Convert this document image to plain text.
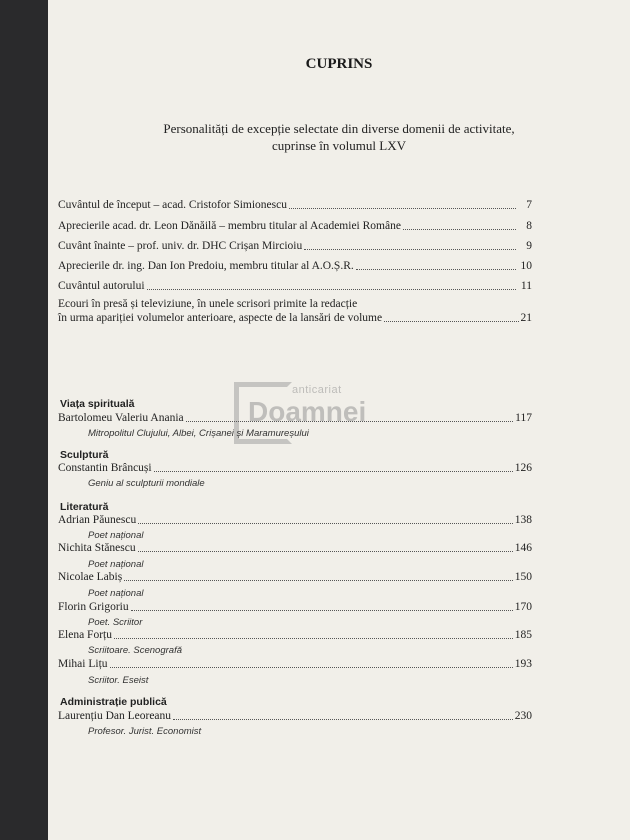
CUPRINS
Personalități de excepție selectate din diverse domenii de activitate,
cuprinse în volumul LXV
Cuvântul de început – acad. Cristofor Simionescu	7
Aprecierile acad. dr. Leon Dănăilă – membru titular al Academiei Române	8
Cuvânt înainte – prof. univ. dr. DHC Crișan Mircioiu	9
Aprecierile dr. ing. Dan Ion Predoiu, membru titular al A.O.Ș.R.	10
Cuvântul autorului	11
Ecouri în presă și televiziune, în unele scrisori primite la redacție
în urma apariției volumelor anterioare, aspecte de la lansări de volume	21
anticariat
Doamnei
Viața spirituală
Bartolomeu Valeriu Anania	117
Mitropolitul Clujului, Albei, Crișanei și Maramureșului
Sculptură
Constantin Brâncuși	126
Geniu al sculpturii mondiale
Literatură
Adrian Păunescu	138
Poet național
Nichita Stănescu	146
Poet național
Nicolae Labiș	150
Poet național
Florin Grigoriu	170
Poet. Scriitor
Elena Forțu	185
Scriitoare. Scenografă
Mihai Lițu	193
Scriitor. Eseist
Administrație publică
Laurențiu Dan Leoreanu	230
Profesor. Jurist. Economist
